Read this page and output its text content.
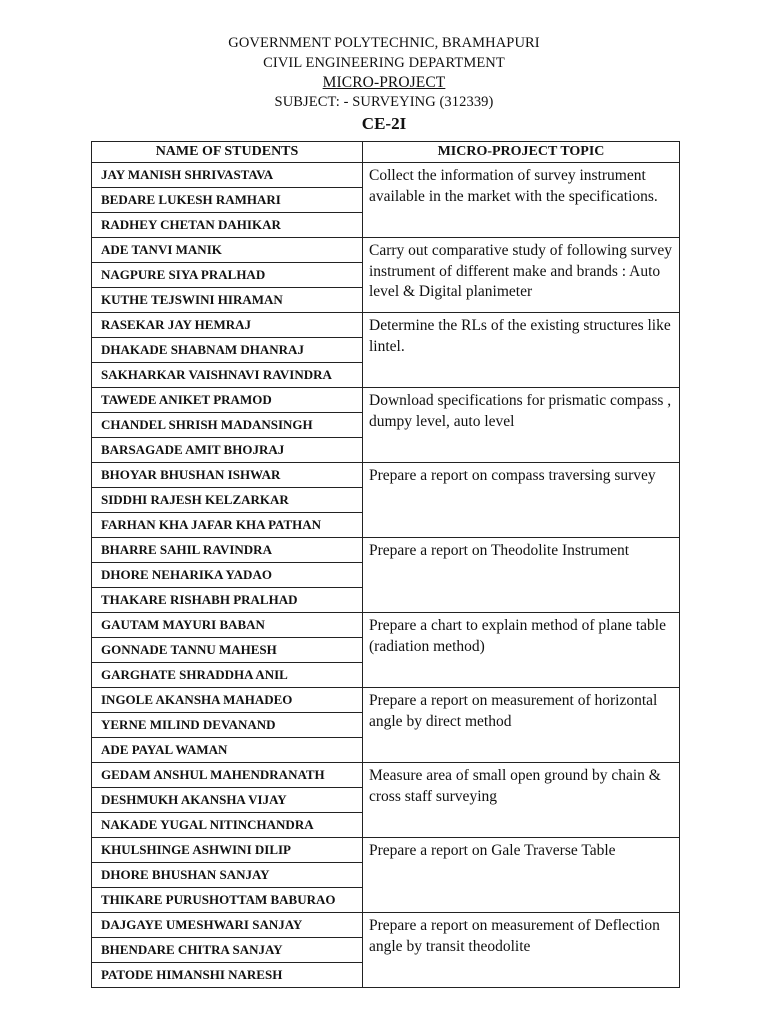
GOVERNMENT POLYTECHNIC, BRAMHAPURI
CIVIL ENGINEERING DEPARTMENT
MICRO-PROJECT
SUBJECT: - SURVEYING (312339)
CE-2I
NAME OF STUDENTS	MICRO-PROJECT TOPIC
JAY MANISH SHRIVASTAVA	Collect the information of survey instrument available in the market with the specifications.
BEDARE LUKESH RAMHARI	
RADHEY CHETAN DAHIKAR	
ADE TANVI MANIK	Carry out comparative study of following survey instrument of different make and brands : Auto level & Digital planimeter
NAGPURE SIYA PRALHAD	
KUTHE TEJSWINI HIRAMAN	
RASEKAR JAY HEMRAJ	Determine the RLs of the existing structures like lintel.
DHAKADE SHABNAM DHANRAJ	
SAKHARKAR VAISHNAVI RAVINDRA	
TAWEDE ANIKET PRAMOD	Download specifications for prismatic compass , dumpy level, auto level
CHANDEL SHRISH MADANSINGH	
BARSAGADE AMIT BHOJRAJ	
BHOYAR BHUSHAN ISHWAR	Prepare a report on compass traversing survey
SIDDHI RAJESH KELZARKAR	
FARHAN KHA JAFAR KHA PATHAN	
BHARRE SAHIL RAVINDRA	Prepare a report on Theodolite Instrument
DHORE NEHARIKA YADAO	
THAKARE RISHABH PRALHAD	
GAUTAM MAYURI BABAN	Prepare a chart to explain method of plane table (radiation method)
GONNADE TANNU MAHESH	
GARGHATE SHRADDHA ANIL	
INGOLE AKANSHA MAHADEO	Prepare a report on measurement of horizontal angle by direct method
YERNE MILIND DEVANAND	
ADE PAYAL WAMAN	
GEDAM ANSHUL MAHENDRANATH	Measure area of small open ground by chain & cross staff surveying
DESHMUKH AKANSHA VIJAY	
NAKADE YUGAL NITINCHANDRA	
KHULSHINGE ASHWINI DILIP	Prepare a report on Gale Traverse Table
DHORE BHUSHAN SANJAY	
THIKARE PURUSHOTTAM BABURAO	
DAJGAYE UMESHWARI SANJAY	Prepare a report on measurement of Deflection angle by transit theodolite
BHENDARE CHITRA SANJAY	
PATODE HIMANSHI NARESH	
